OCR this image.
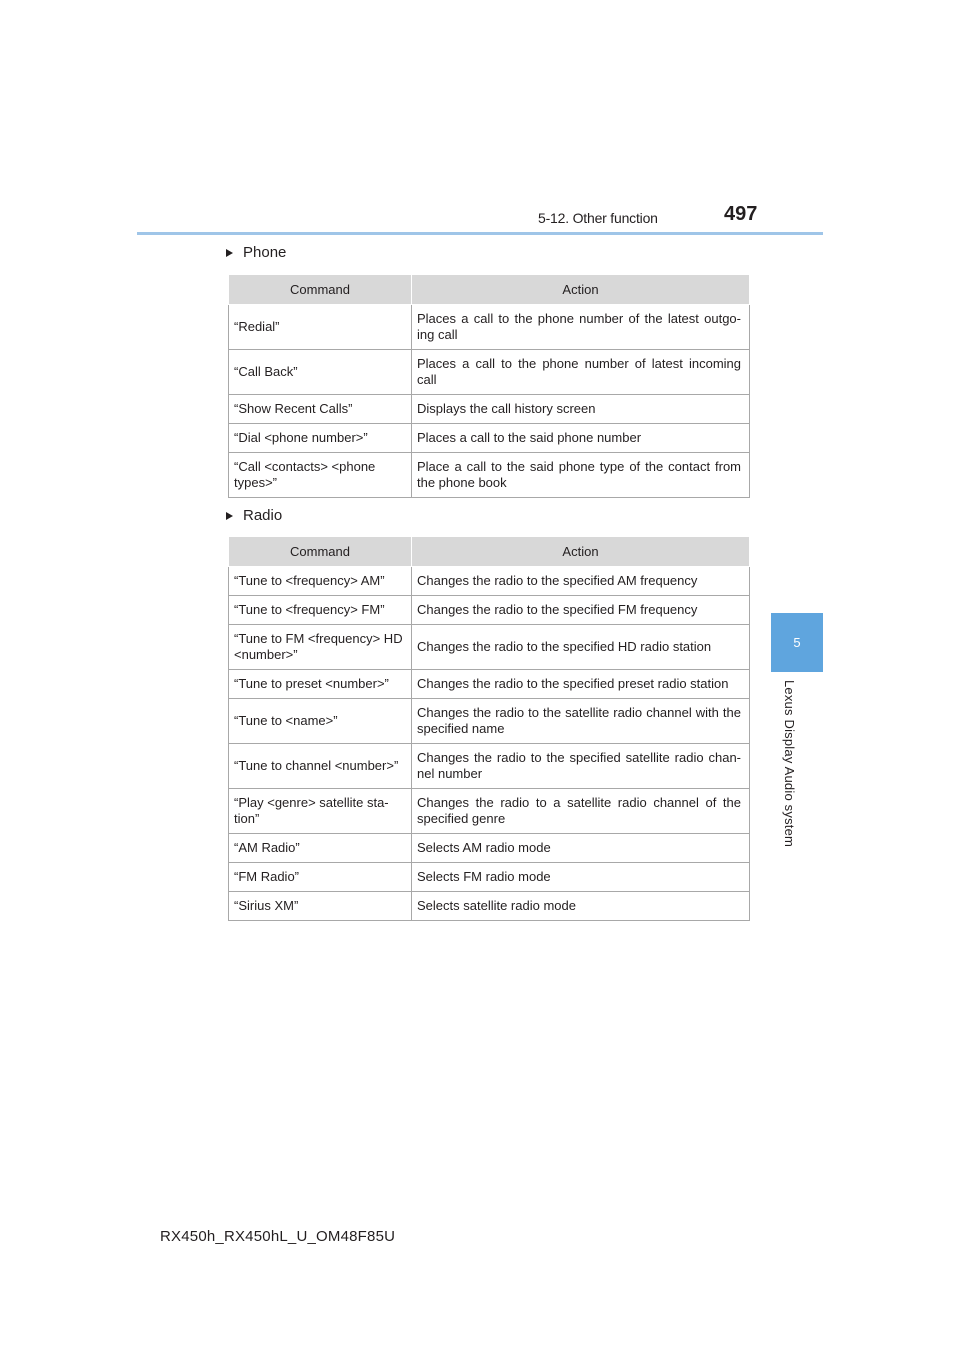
5-12. Other function	497
5
Lexus Display Audio system
Phone
Command	Action
“Redial”	Places a call to the phone number of the latest outgo-ing call
“Call Back”	Places a call to the phone number of latest incoming call
“Show Recent Calls”	Displays the call history screen
“Dial <phone number>”	Places a call to the said phone number
“Call <contacts> <phone types>”	Place a call to the said phone type of the contact from the phone book
Radio
Command	Action
“Tune to <frequency> AM”	Changes the radio to the specified AM frequency
“Tune to <frequency> FM”	Changes the radio to the specified FM frequency
“Tune to FM <frequency> HD <number>”	Changes the radio to the specified HD radio station
“Tune to preset <number>”	Changes the radio to the specified preset radio station
“Tune to <name>”	Changes the radio to the satellite radio channel with the specified name
“Tune to channel <number>”	Changes the radio to the specified satellite radio chan-nel number
“Play <genre> satellite sta-tion”	Changes the radio to a satellite radio channel of the specified genre
“AM Radio”	Selects AM radio mode
“FM Radio”	Selects FM radio mode
“Sirius XM”	Selects satellite radio mode
RX450h_RX450hL_U_OM48F85U
